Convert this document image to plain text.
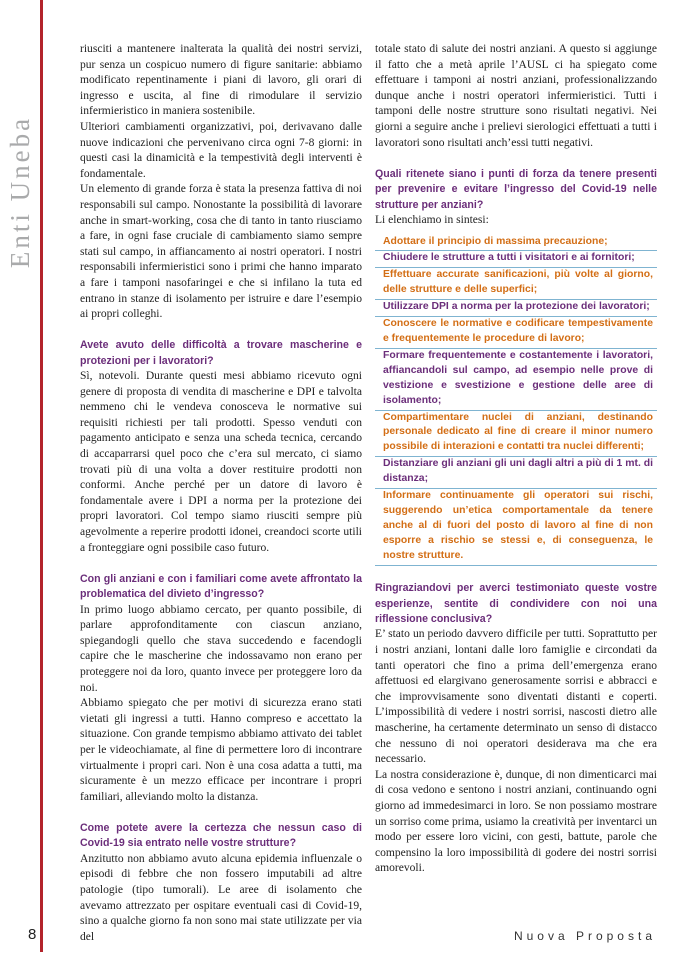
Enti Uneba

riusciti a mantenere inalterata la qualità dei nostri servizi, pur senza un cospicuo numero di figure sanitarie: abbiamo modificato repentinamente i piani di lavoro, gli orari di ingresso e uscita, al fine di rimodulare il servizio infermieristico in maniera sostenibile.

Ulteriori cambiamenti organizzativi, poi, derivavano dalle nuove indicazioni che pervenivano circa ogni 7-8 giorni: in questi casi la dinamicità e la tempestività degli interventi è fondamentale.

Un elemento di grande forza è stata la presenza fattiva di noi responsabili sul campo. Nonostante la possibilità di lavorare anche in smart-working, cosa che di tanto in tanto riusciamo a fare, in ogni fase cruciale di cambiamento siamo sempre stati sul campo, in affiancamento ai nostri operatori. I nostri responsabili infermieristici sono i primi che hanno imparato a fare i tamponi nasofaringei e che si infilano la tuta ed entrano in stanze di isolamento per istruire e dare l’esempio ai propri colleghi.

Avete avuto delle difficoltà a trovare mascherine e protezioni per i lavoratori?

Sì, notevoli. Durante questi mesi abbiamo ricevuto ogni genere di proposta di vendita di mascherine e DPI e talvolta nemmeno chi le vendeva conosceva le normative sui requisiti richiesti per tali prodotti. Spesso venduti con pagamento anticipato e senza una scheda tecnica, cercando di accaparrarsi quel poco che c’era sul mercato, ci siamo trovati più di una volta a dover restituire prodotti non conformi. Anche perché per un datore di lavoro è fondamentale avere i DPI a norma per la protezione dei propri lavoratori. Col tempo siamo riusciti sempre più agevolmente a reperire prodotti idonei, creandoci scorte utili a fronteggiare ogni possibile caso futuro.

Con gli anziani e con i familiari come avete affrontato la problematica del divieto d’ingresso?

In primo luogo abbiamo cercato, per quanto possibile, di parlare approfonditamente con ciascun anziano, spiegandogli quello che stava succedendo e facendogli capire che le mascherine che indossavamo non erano per proteggere noi da loro, quanto invece per proteggere loro da noi.

Abbiamo spiegato che per motivi di sicurezza erano stati vietati gli ingressi a tutti. Hanno compreso e accettato la situazione. Con grande tempismo abbiamo attivato dei tablet per le videochiamate, al fine di permettere loro di incontrare virtualmente i propri cari. Non è una cosa adatta a tutti, ma sicuramente è un mezzo efficace per incontrare i propri familiari, alleviando molto la distanza.

Come potete avere la certezza che nessun caso di Covid-19 sia entrato nelle vostre strutture?

Anzitutto non abbiamo avuto alcuna epidemia influenzale o episodi di febbre che non fossero imputabili ad altre patologie (tipo tumorali). Le aree di isolamento che avevamo attrezzato per ospitare eventuali casi di Covid-19, sino a qualche giorno fa non sono mai state utilizzate per via del

totale stato di salute dei nostri anziani. A questo si aggiunge il fatto che a metà aprile l’AUSL ci ha spiegato come effettuare i tamponi ai nostri anziani, professionalizzando dunque anche i nostri operatori infermieristici. Tutti i tamponi delle nostre strutture sono risultati negativi. Nei giorni a seguire anche i prelievi sierologici effettuati a tutti i lavoratori sono risultati anch’essi tutti negativi.

Quali ritenete siano i punti di forza da tenere presenti per prevenire e evitare l’ingresso del Covid-19 nelle strutture per anziani?

Li elenchiamo in sintesi:

Adottare il principio di massima precauzione;
Chiudere le strutture a tutti i visitatori e ai fornitori;
Effettuare accurate sanificazioni, più volte al giorno, delle strutture e delle superfici;
Utilizzare DPI a norma per la protezione dei lavoratori;
Conoscere le normative e codificare tempestivamente e frequentemente le procedure di lavoro;
Formare frequentemente e costantemente i lavoratori, affiancandoli sul campo, ad esempio nelle prove di vestizione e svestizione e gestione delle aree di isolamento;
Compartimentare nuclei di anziani, destinando personale dedicato al fine di creare il minor numero possibile di interazioni e contatti tra nuclei differenti;
Distanziare gli anziani gli uni dagli altri a più di 1 mt. di distanza;
Informare continuamente gli operatori sui rischi, suggerendo un’etica comportamentale da tenere anche al di fuori del posto di lavoro al fine di non esporre a rischio se stessi e, di conseguenza, le nostre strutture.
Ringraziandovi per averci testimoniato queste vostre esperienze, sentite di condividere con noi una riflessione conclusiva?

E’ stato un periodo davvero difficile per tutti. Soprattutto per i nostri anziani, lontani dalle loro famiglie e circondati da tanti operatori che fino a prima dell’emergenza erano affettuosi ed elargivano generosamente sorrisi e abbracci e che improvvisamente sono diventati distanti e coperti. L’impossibilità di vedere i nostri sorrisi, nascosti dietro alle mascherine, ha certamente determinato un senso di distacco che nessuno di noi operatori desiderava ma che era necessario.

La nostra considerazione è, dunque, di non dimenticarci mai di cosa vedono e sentono i nostri anziani, continuando ogni giorno ad immedesimarci in loro. Se non possiamo mostrare un sorriso come prima, usiamo la creatività per inventarci un modo per essere loro vicini, con gesti, battute, parole che compensino la loro impossibilità di godere dei nostri sorrisi amorevoli.

8	Nuova Proposta
